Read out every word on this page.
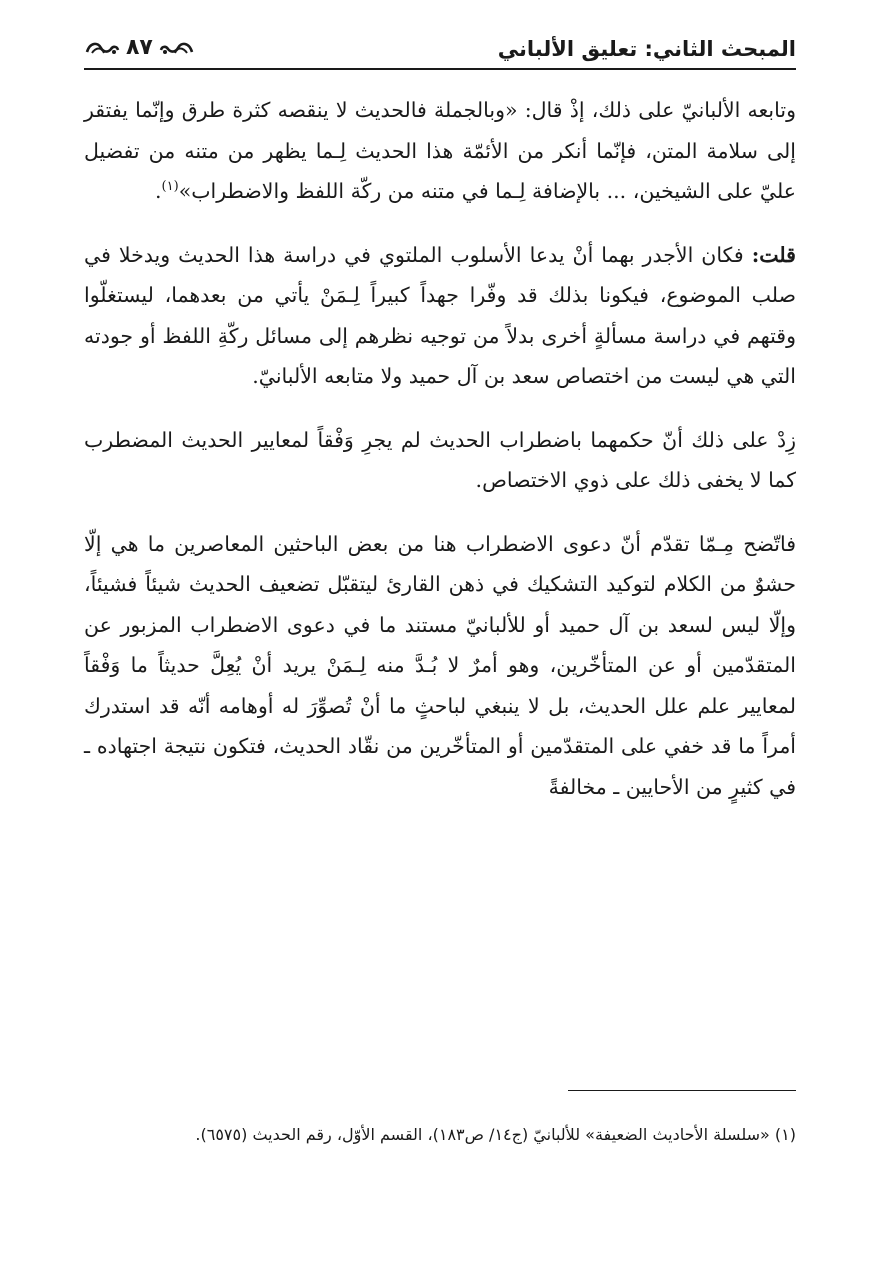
المبحث الثاني: تعليق الألباني
٨٧

وتابعه الألبانيّ على ذلك، إذْ قال: «وبالجملة فالحديث لا ينقصه كثرة طرق وإنّما يفتقر إلى سلامة المتن، فإنّما أنكر من الأئمّة هذا الحديث لِـما يظهر من متنه من تفضيل عليّ على الشيخين، ... بالإضافة لِـما في متنه من ركّة اللفظ والاضطراب»$^{(١)}$.

قلت: فكان الأجدر بهما أنْ يدعا الأسلوب الملتوي في دراسة هذا الحديث ويدخلا في صلب الموضوع، فيكونا بذلك قد وفّرا جهداً كبيراً لِـمَنْ يأتي من بعدهما، ليستغلّوا وقتهم في دراسة مسألةٍ أخرى بدلاً من توجيه نظرهم إلى مسائل ركّةِ اللفظ أو جودته التي هي ليست من اختصاص سعد بن آل حميد ولا متابعه الألبانيّ.

زِدْ على ذلك أنّ حكمهما باضطراب الحديث لم يجرِ وَفْقاً لمعايير الحديث المضطرب كما لا يخفى ذلك على ذوي الاختصاص.

فاتّضح مِـمّا تقدّم أنّ دعوى الاضطراب هنا من بعض الباحثين المعاصرين ما هي إلّا حشوٌ من الكلام لتوكيد التشكيك في ذهن القارئ ليتقبّل تضعيف الحديث شيئاً فشيئاً، وإلّا ليس لسعد بن آل حميد أو للألبانيّ مستند ما في دعوى الاضطراب المزبور عن المتقدّمين أو عن المتأخّرين، وهو أمرٌ لا بُـدَّ منه لِـمَنْ يريد أنْ يُعِلَّ حديثاً ما وَفْقاً لمعايير علم علل الحديث، بل لا ينبغي لباحثٍ ما أنْ تُصوِّرَ له أوهامه أنّه قد استدرك أمراً ما قد خفي على المتقدّمين أو المتأخّرين من نقّاد الحديث، فتكون نتيجة اجتهاده ـ في كثيرٍ من الأحايين ـ مخالفةً

(١) «سلسلة الأحاديث الضعيفة» للألبانيّ (ج١٤/ ص١٨٣)، القسم الأوّل، رقم الحديث (٦٥٧٥).
